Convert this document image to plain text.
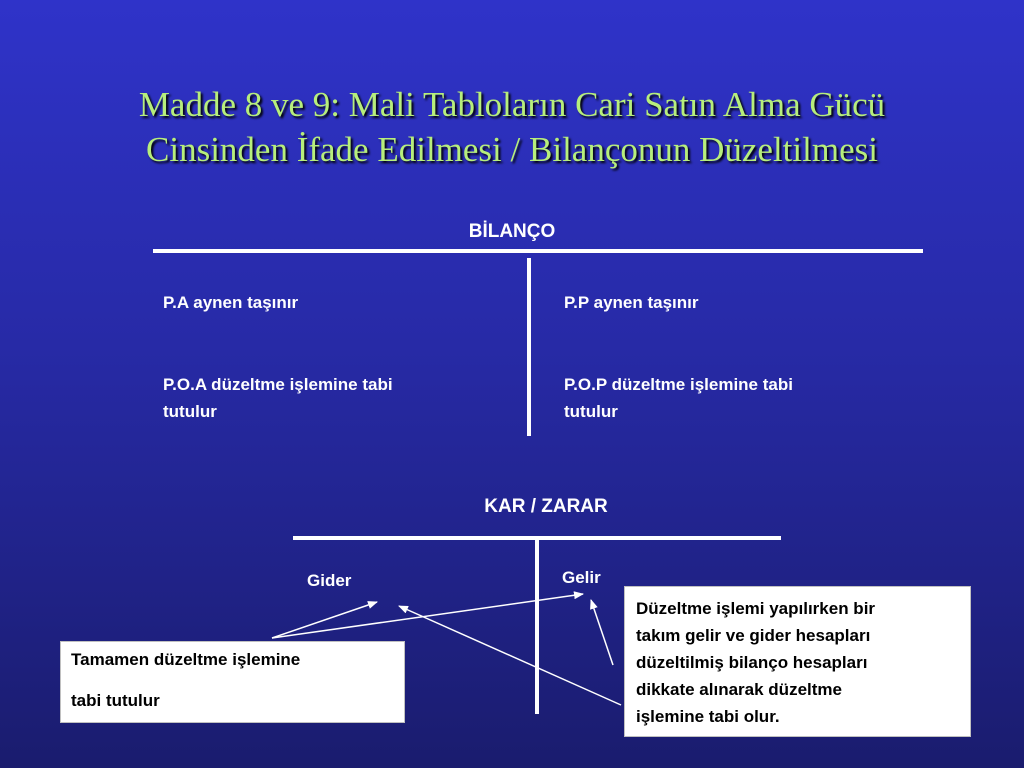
Madde 8 ve 9: Mali Tabloların Cari Satın Alma Gücü
Cinsinden İfade Edilmesi / Bilançonun Düzeltilmesi
BİLANÇO
P.A aynen taşınır
P.O.A düzeltme işlemine tabi
tutulur
P.P aynen taşınır
P.O.P düzeltme işlemine tabi
tutulur
KAR / ZARAR
Gider	Gelir

Tamamen düzeltme işlemine

tabi tutulur

Düzeltme işlemi yapılırken bir
takım gelir ve gider hesapları
düzeltilmiş bilanço hesapları
dikkate alınarak düzeltme
işlemine tabi olur.
